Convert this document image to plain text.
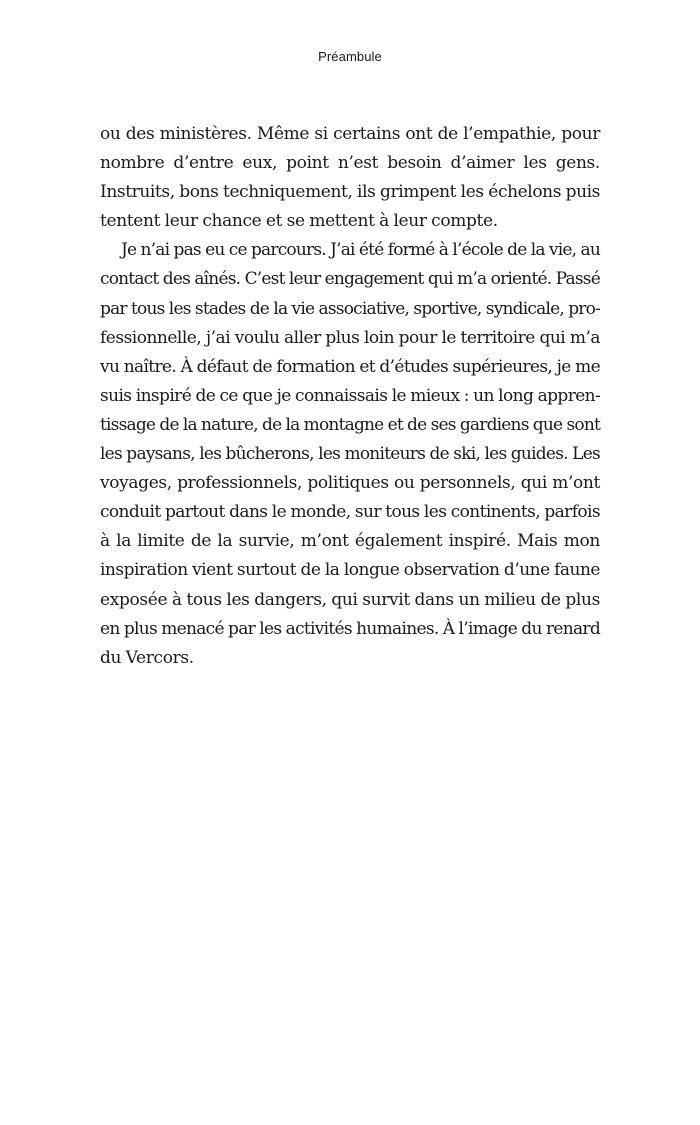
Préambule
ou des ministères. Même si certains ont de l’empathie, pour
nombre d’entre eux, point n’est besoin d’aimer les gens.
Instruits, bons techniquement, ils grimpent les échelons puis
tentent leur chance et se mettent à leur compte.
Je n’ai pas eu ce parcours. J’ai été formé à l’école de la vie, au
contact des aînés. C’est leur engagement qui m’a orienté. Passé
par tous les stades de la vie associative, sportive, syndicale, pro-
fessionnelle, j’ai voulu aller plus loin pour le territoire qui m’a
vu naître. À défaut de formation et d’études supérieures, je me
suis inspiré de ce que je connaissais le mieux : un long appren-
tissage de la nature, de la montagne et de ses gardiens que sont
les paysans, les bûcherons, les moniteurs de ski, les guides. Les
voyages, professionnels, politiques ou personnels, qui m’ont
conduit partout dans le monde, sur tous les continents, parfois
à la limite de la survie, m’ont également inspiré. Mais mon
inspiration vient surtout de la longue observation d’une faune
exposée à tous les dangers, qui survit dans un milieu de plus
en plus menacé par les activités humaines. À l’image du renard
du Vercors.
